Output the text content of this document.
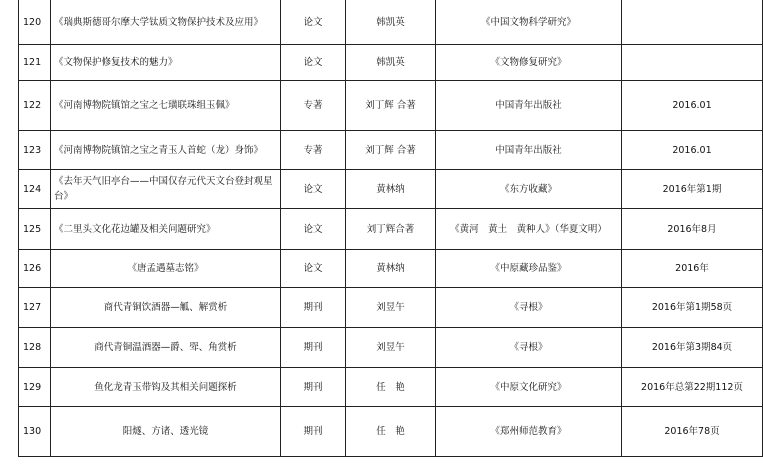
120	《瑞典斯德哥尔摩大学钛质文物保护技术及应用》	论文	韩凯英	《中国文物科学研究》	
121	《文物保护修复技术的魅力》	论文	韩凯英	《文物修复研究》	
122	《河南博物院镇馆之宝之七璜联珠组玉佩》	专著	刘丁辉 合著	中国青年出版社	2016.01
123	《河南博物院镇馆之宝之青玉人首蛇（龙）身饰》	专著	刘丁辉 合著	中国青年出版社	2016.01
124	《去年天气旧亭台——中国仅存元代天文台登封观星台》	论文	黄林纳	《东方收藏》	2016年第1期
125	《二里头文化花边罐及相关问题研究》	论文	刘丁辉合著	《黄河　黄土　黄种人》（华夏文明）	2016年8月
126	《唐孟遇墓志铭》	论文	黄林纳	《中原藏珍品鉴》	2016年
127	商代青铜饮酒器—觚、解赏析	期刊	刘昱午	《寻根》	2016年第1期58页
128	商代青铜温酒器—爵、斝、角赏析	期刊	刘昱午	《寻根》	2016年第3期84页
129	鱼化龙青玉带钩及其相关问题探析	期刊	任　艳	《中原文化研究》	2016年总第22期112页
130	阳燧、方诸、透光镜	期刊	任　艳	《郑州师范教育》	2016年78页
